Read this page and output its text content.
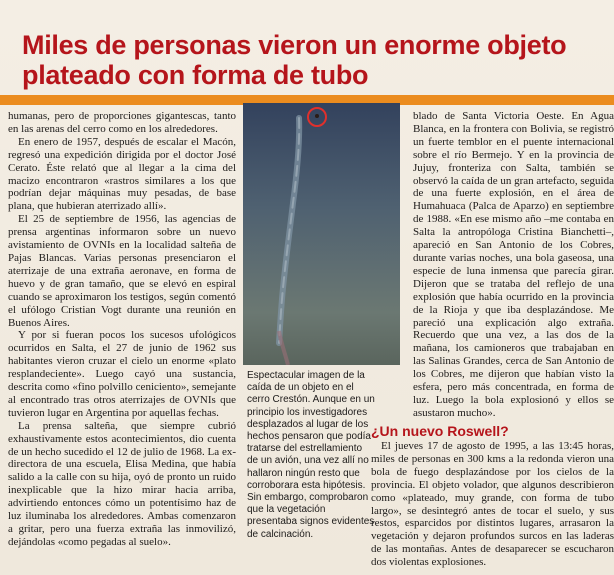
Miles de personas vieron un enorme objeto plateado con forma de tubo

humanas, pero de proporciones gigantescas, tanto en las arenas del cerro como en los alrededores.

En enero de 1957, después de escalar el Macón, regresó una expedición dirigida por el doctor José Cerato. Éste relató que al llegar a la cima del macizo encontraron «rastros similares a los que podrían dejar máquinas muy pesadas, de base plana, que hubieran aterrizado allí».

El 25 de septiembre de 1956, las agencias de prensa argentinas informaron sobre un nuevo avistamiento de OVNIs en la localidad salteña de Pajas Blancas. Varias personas presenciaron el aterrizaje de una extraña aeronave, en forma de huevo y de gran tamaño, que se elevó en espiral cuando se aproximaron los testigos, según comentó el ufólogo Cristian Vogt durante una reunión en Buenos Aires.

Y por si fueran pocos los sucesos ufológicos ocurridos en Salta, el 27 de junio de 1962 sus habitantes vieron cruzar el cielo un enorme «plato resplandeciente». Luego cayó una sustancia, descrita como «fino polvillo ceniciento», semejante al encontrado tras otros aterrizajes de OVNIs que tuvieron lugar en Argentina por aquellas fechas.

La prensa salteña, que siempre cubrió exhaustivamente estos acontecimientos, dio cuenta de un hecho sucedido el 12 de julio de 1968. La ex-directora de una escuela, Elisa Medina, que había salido a la calle con su hija, oyó de pronto un ruido inexplicable que la hizo mirar hacia arriba, advirtiendo entonces cómo un potentísimo haz de luz iluminaba los alrededores. Ambas comenzaron a gritar, pero una fuerza extraña las inmovilizó, dejándolas «como pegadas al suelo».

Espectacular imagen de la caída de un objeto en el cerro Crestón. Aunque en un principio los investigadores desplazados al lugar de los hechos pensaron que podía tratarse del estrellamiento de un avión, una vez allí no hallaron ningún resto que corroborara esta hipótesis. Sin embargo, comprobaron que la vegetación presentaba signos evidentes de calcinación.

blado de Santa Victoria Oeste. En Agua Blanca, en la frontera con Bolivia, se registró un fuerte temblor en el puente internacional sobre el río Bermejo. Y en la provincia de Jujuy, fronteriza con Salta, también se observó la caída de un gran artefacto, seguida de una fuerte explosión, en el área de Humahuaca (Palca de Aparzo) en septiembre de 1988. «En ese mismo año –me contaba en Salta la antropóloga Cristina Bianchetti–, apareció en San Antonio de los Cobres, durante varias noches, una bola gaseosa, una especie de luna inmensa que parecía girar. Dijeron que se trataba del reflejo de una explosión que había ocurrido en la provincia de la Rioja y que iba desplazándose. Me pareció una explicación algo extraña. Recuerdo que una vez, a las dos de la mañana, los camioneros que trabajaban en las Salinas Grandes, cerca de San Antonio de los Cobres, me dijeron que habían visto la esfera, pero más concentrada, en forma de luz. Luego la bola explosionó y ellos se asustaron mucho».

¿Un nuevo Roswell?

El jueves 17 de agosto de 1995, a las 13:45 horas, miles de personas en 300 kms a la redonda vieron una bola de fuego desplazándose por los cielos de la provincia. El objeto volador, que algunos describieron como «plateado, muy grande, con forma de tubo largo», se desintegró antes de tocar el suelo, y sus restos, esparcidos por distintos lugares, arrasaron la vegetación y dejaron profundos surcos en las laderas de las montañas. Antes de desaparecer se escucharon dos violentas explosiones.
